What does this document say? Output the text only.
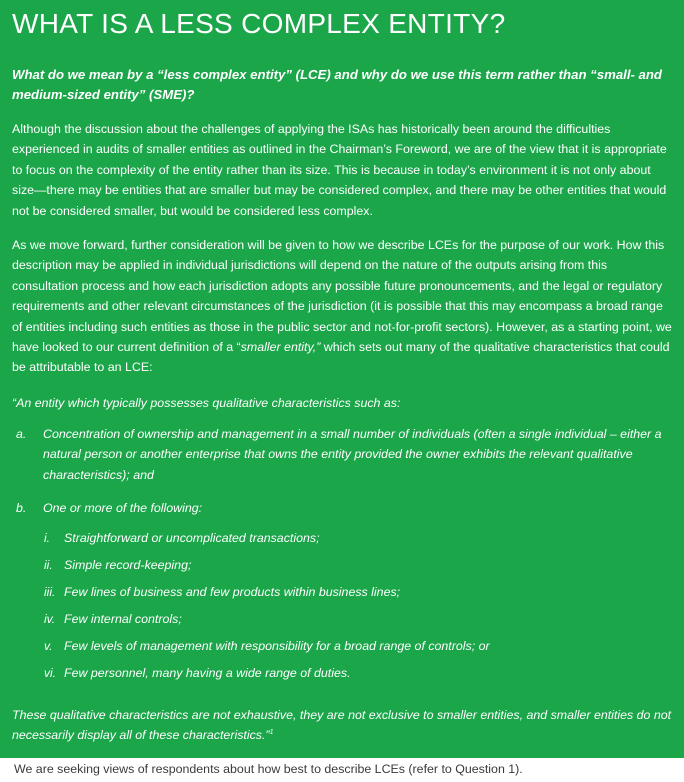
WHAT IS A LESS COMPLEX ENTITY?

What do we mean by a “less complex entity” (LCE) and why do we use this term rather than “small- and medium-sized entity” (SME)?

Although the discussion about the challenges of applying the ISAs has historically been around the difficulties experienced in audits of smaller entities as outlined in the Chairman’s Foreword, we are of the view that it is appropriate to focus on the complexity of the entity rather than its size. This is because in today’s environment it is not only about size—there may be entities that are smaller but may be considered complex, and there may be other entities that would not be considered smaller, but would be considered less complex.

As we move forward, further consideration will be given to how we describe LCEs for the purpose of our work. How this description may be applied in individual jurisdictions will depend on the nature of the outputs arising from this consultation process and how each jurisdiction adopts any possible future pronouncements, and the legal or regulatory requirements and other relevant circumstances of the jurisdiction (it is possible that this may encompass a broad range of entities including such entities as those in the public sector and not-for-profit sectors). However, as a starting point, we have looked to our current definition of a “smaller entity,” which sets out many of the qualitative characteristics that could be attributable to an LCE:

“An entity which typically possesses qualitative characteristics such as:

a. Concentration of ownership and management in a small number of individuals (often a single individual – either a natural person or another enterprise that owns the entity provided the owner exhibits the relevant qualitative characteristics); and
b. One or more of the following:
i. Straightforward or uncomplicated transactions;
ii. Simple record-keeping;
iii. Few lines of business and few products within business lines;
iv. Few internal controls;
v. Few levels of management with responsibility for a broad range of controls; or
vi. Few personnel, many having a wide range of duties.

These qualitative characteristics are not exhaustive, they are not exclusive to smaller entities, and smaller entities do not necessarily display all of these characteristics.”$^1$

We are seeking views of respondents about how best to describe LCEs (refer to Question 1).
